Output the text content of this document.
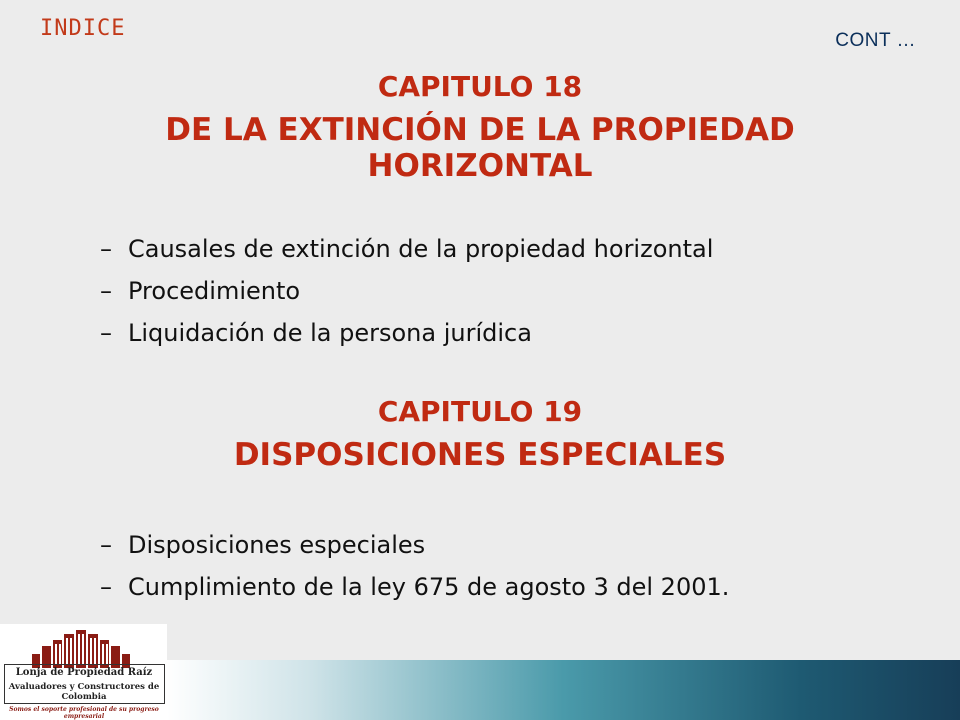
INDICE	CONT …
CAPITULO 18
DE LA EXTINCIÓN DE LA PROPIEDAD
HORIZONTAL
– Causales de extinción de la propiedad horizontal
– Procedimiento
– Liquidación de la persona jurídica
CAPITULO 19
DISPOSICIONES ESPECIALES
– Disposiciones especiales
– Cumplimiento de la ley 675 de agosto 3 del 2001.
Lonja de Propiedad Raíz
Avaluadores y Constructores de Colombia
Somos el soporte profesional de su progreso empresarial
